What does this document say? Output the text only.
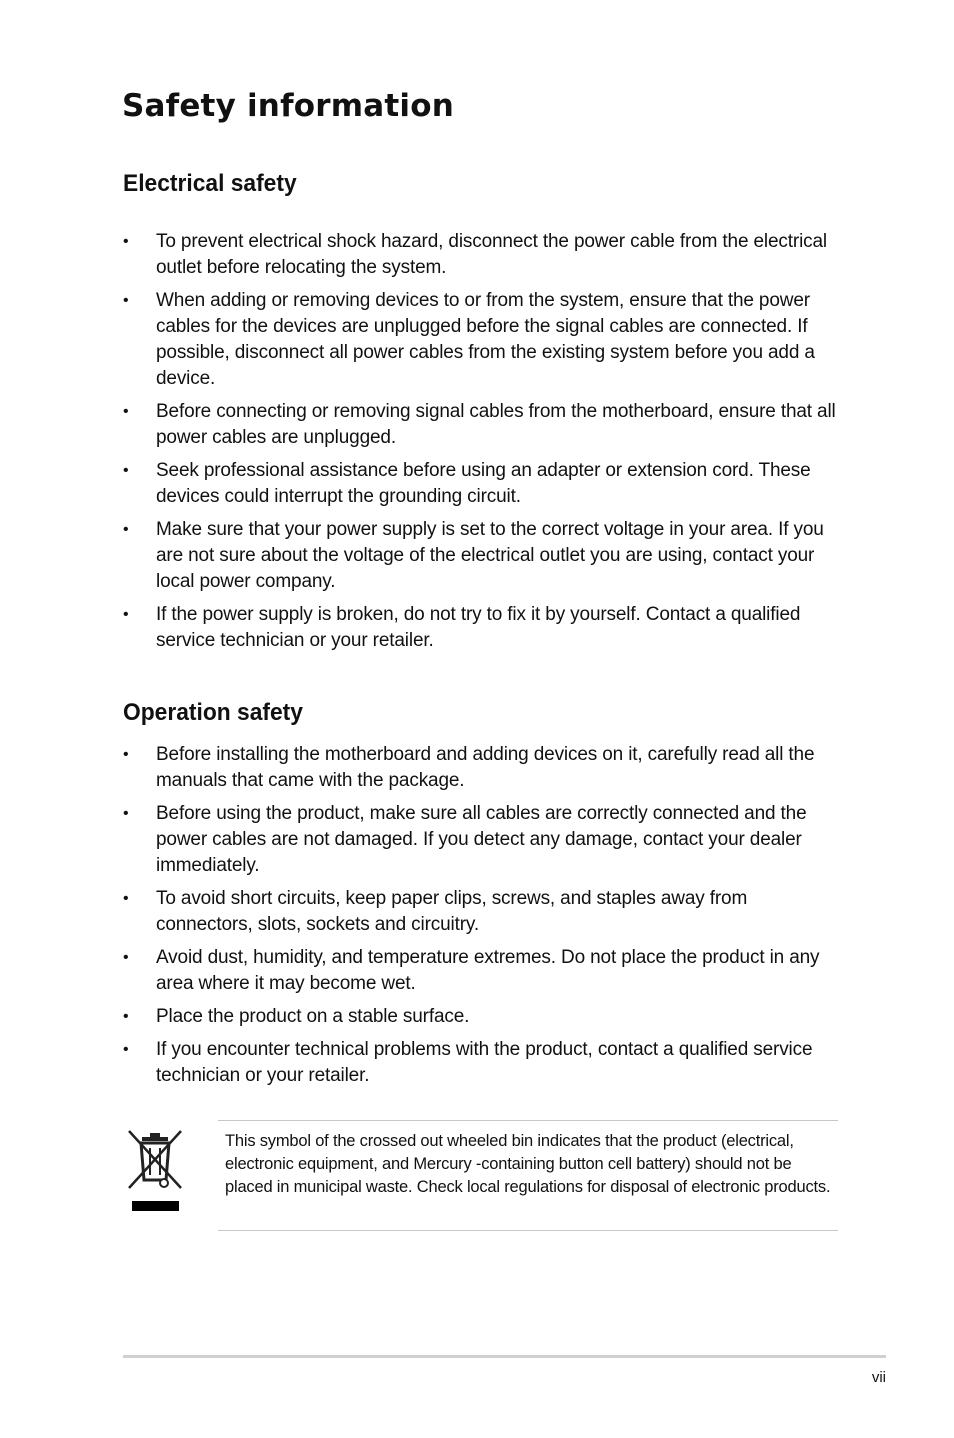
Safety information
Electrical safety
• To prevent electrical shock hazard, disconnect the power cable from the electrical outlet before relocating the system.
• When adding or removing devices to or from the system, ensure that the power cables for the devices are unplugged before the signal cables are connected. If possible, disconnect all power cables from the existing system before you add a device.
• Before connecting or removing signal cables from the motherboard, ensure that all power cables are unplugged.
• Seek professional assistance before using an adapter or extension cord. These devices could interrupt the grounding circuit.
• Make sure that your power supply is set to the correct voltage in your area. If you are not sure about the voltage of the electrical outlet you are using, contact your local power company.
• If the power supply is broken, do not try to fix it by yourself. Contact a qualified service technician or your retailer.
Operation safety
• Before installing the motherboard and adding devices on it, carefully read all the manuals that came with the package.
• Before using the product, make sure all cables are correctly connected and the power cables are not damaged. If you detect any damage, contact your dealer immediately.
• To avoid short circuits, keep paper clips, screws, and staples away from connectors, slots, sockets and circuitry.
• Avoid dust, humidity, and temperature extremes. Do not place the product in any area where it may become wet.
• Place the product on a stable surface.
• If you encounter technical problems with the product, contact a qualified service technician or your retailer.

This symbol of the crossed out wheeled bin indicates that the product (electrical, electronic equipment, and Mercury -containing button cell battery) should not be placed in municipal waste. Check local regulations for disposal of electronic products.

vii
